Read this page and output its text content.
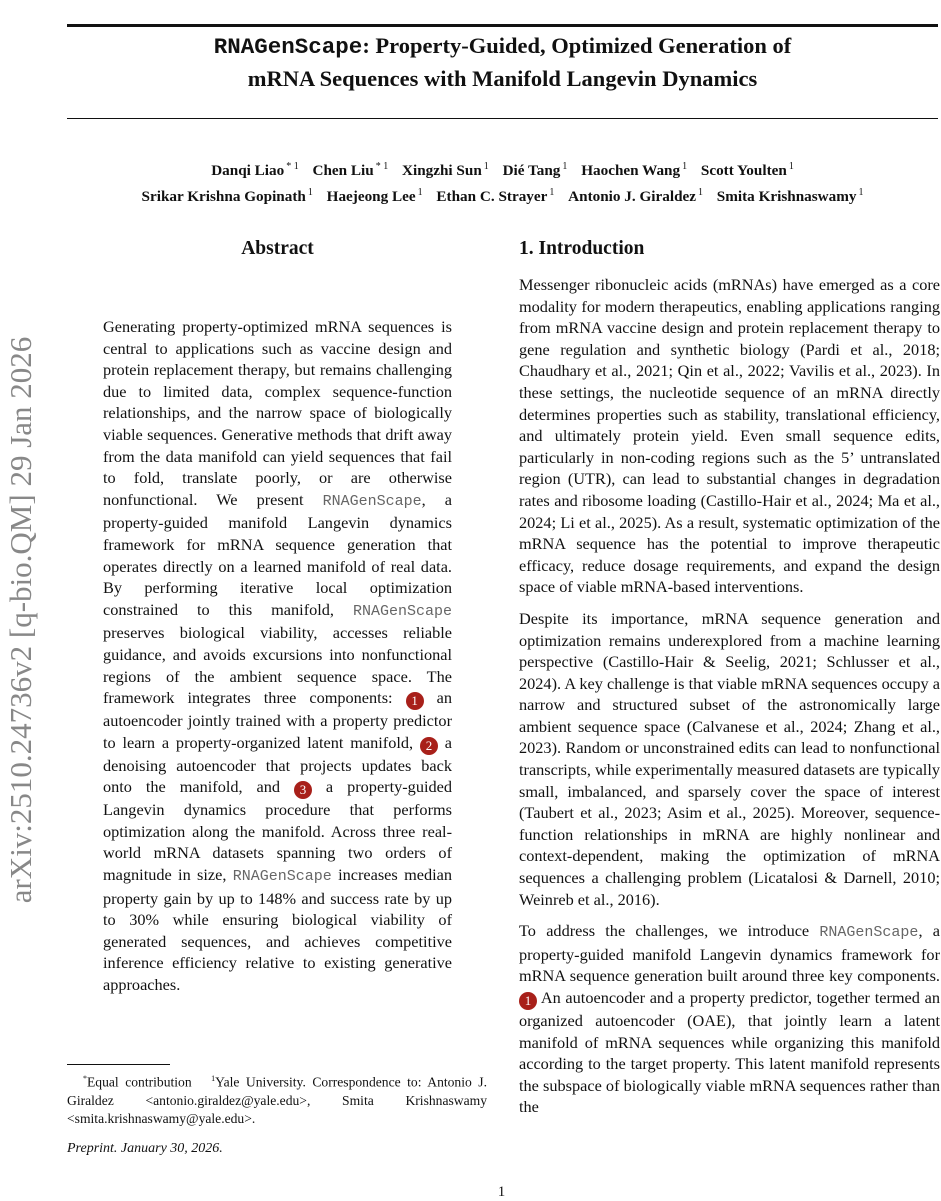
RNAGenScape: Property-Guided, Optimized Generation of
mRNA Sequences with Manifold Langevin Dynamics
Danqi Liao $^{* 1}$ Chen Liu $^{* 1}$ Xingzhi Sun $^1$ Dié Tang $^1$ Haochen Wang $^1$ Scott Youlten $^1$
Srikar Krishna Gopinath $^1$ Haejeong Lee $^1$ Ethan C. Strayer $^1$ Antonio J. Giraldez $^1$ Smita Krishnaswamy $^1$
arXiv:2510.24736v2 [q-bio.QM] 29 Jan 2026
Abstract

Generating property-optimized mRNA sequences is central to applications such as vaccine design and protein replacement therapy, but remains challenging due to limited data, complex sequence-function relationships, and the narrow space of biologically viable sequences. Generative methods that drift away from the data manifold can yield sequences that fail to fold, translate poorly, or are otherwise nonfunctional. We present RNAGenScape, a property-guided manifold Langevin dynamics framework for mRNA sequence generation that operates directly on a learned manifold of real data. By performing iterative local optimization constrained to this manifold, RNAGenScape preserves biological viability, accesses reliable guidance, and avoids excursions into nonfunctional regions of the ambient sequence space. The framework integrates three components: 1 an autoencoder jointly trained with a property predictor to learn a property-organized latent manifold, 2 a denoising autoencoder that projects updates back onto the manifold, and 3 a property-guided Langevin dynamics procedure that performs optimization along the manifold. Across three real-world mRNA datasets spanning two orders of magnitude in size, RNAGenScape increases median property gain by up to 148% and success rate by up to 30% while ensuring biological viability of generated sequences, and achieves competitive inference efficiency relative to existing generative approaches.

1. Introduction

Messenger ribonucleic acids (mRNAs) have emerged as a core modality for modern therapeutics, enabling applications ranging from mRNA vaccine design and protein replacement therapy to gene regulation and synthetic biology (Pardi et al., 2018; Chaudhary et al., 2021; Qin et al., 2022; Vavilis et al., 2023). In these settings, the nucleotide sequence of an mRNA directly determines properties such as stability, translational efficiency, and ultimately protein yield. Even small sequence edits, particularly in non-coding regions such as the 5’ untranslated region (UTR), can lead to substantial changes in degradation rates and ribosome loading (Castillo-Hair et al., 2024; Ma et al., 2024; Li et al., 2025). As a result, systematic optimization of the mRNA sequence has the potential to improve therapeutic efficacy, reduce dosage requirements, and expand the design space of viable mRNA-based interventions.

Despite its importance, mRNA sequence generation and optimization remains underexplored from a machine learning perspective (Castillo-Hair & Seelig, 2021; Schlusser et al., 2024). A key challenge is that viable mRNA sequences occupy a narrow and structured subset of the astronomically large ambient sequence space (Calvanese et al., 2024; Zhang et al., 2023). Random or unconstrained edits can lead to nonfunctional transcripts, while experimentally measured datasets are typically small, imbalanced, and sparsely cover the space of interest (Taubert et al., 2023; Asim et al., 2025). Moreover, sequence-function relationships in mRNA are highly nonlinear and context-dependent, making the optimization of mRNA sequences a challenging problem (Licatalosi & Darnell, 2010; Weinreb et al., 2016).

To address the challenges, we introduce RNAGenScape, a property-guided manifold Langevin dynamics framework for mRNA sequence generation built around three key components. 1 An autoencoder and a property predictor, together termed an organized autoencoder (OAE), that jointly learn a latent manifold of mRNA sequences while organizing this manifold according to the target property. This latent manifold represents the subspace of biologically viable mRNA sequences rather than the

*Equal contribution $^1$Yale University. Correspondence to: Antonio J. Giraldez <antonio.giraldez@yale.edu>, Smita Krishnaswamy <smita.krishnaswamy@yale.edu>.
Preprint. January 30, 2026.
1
